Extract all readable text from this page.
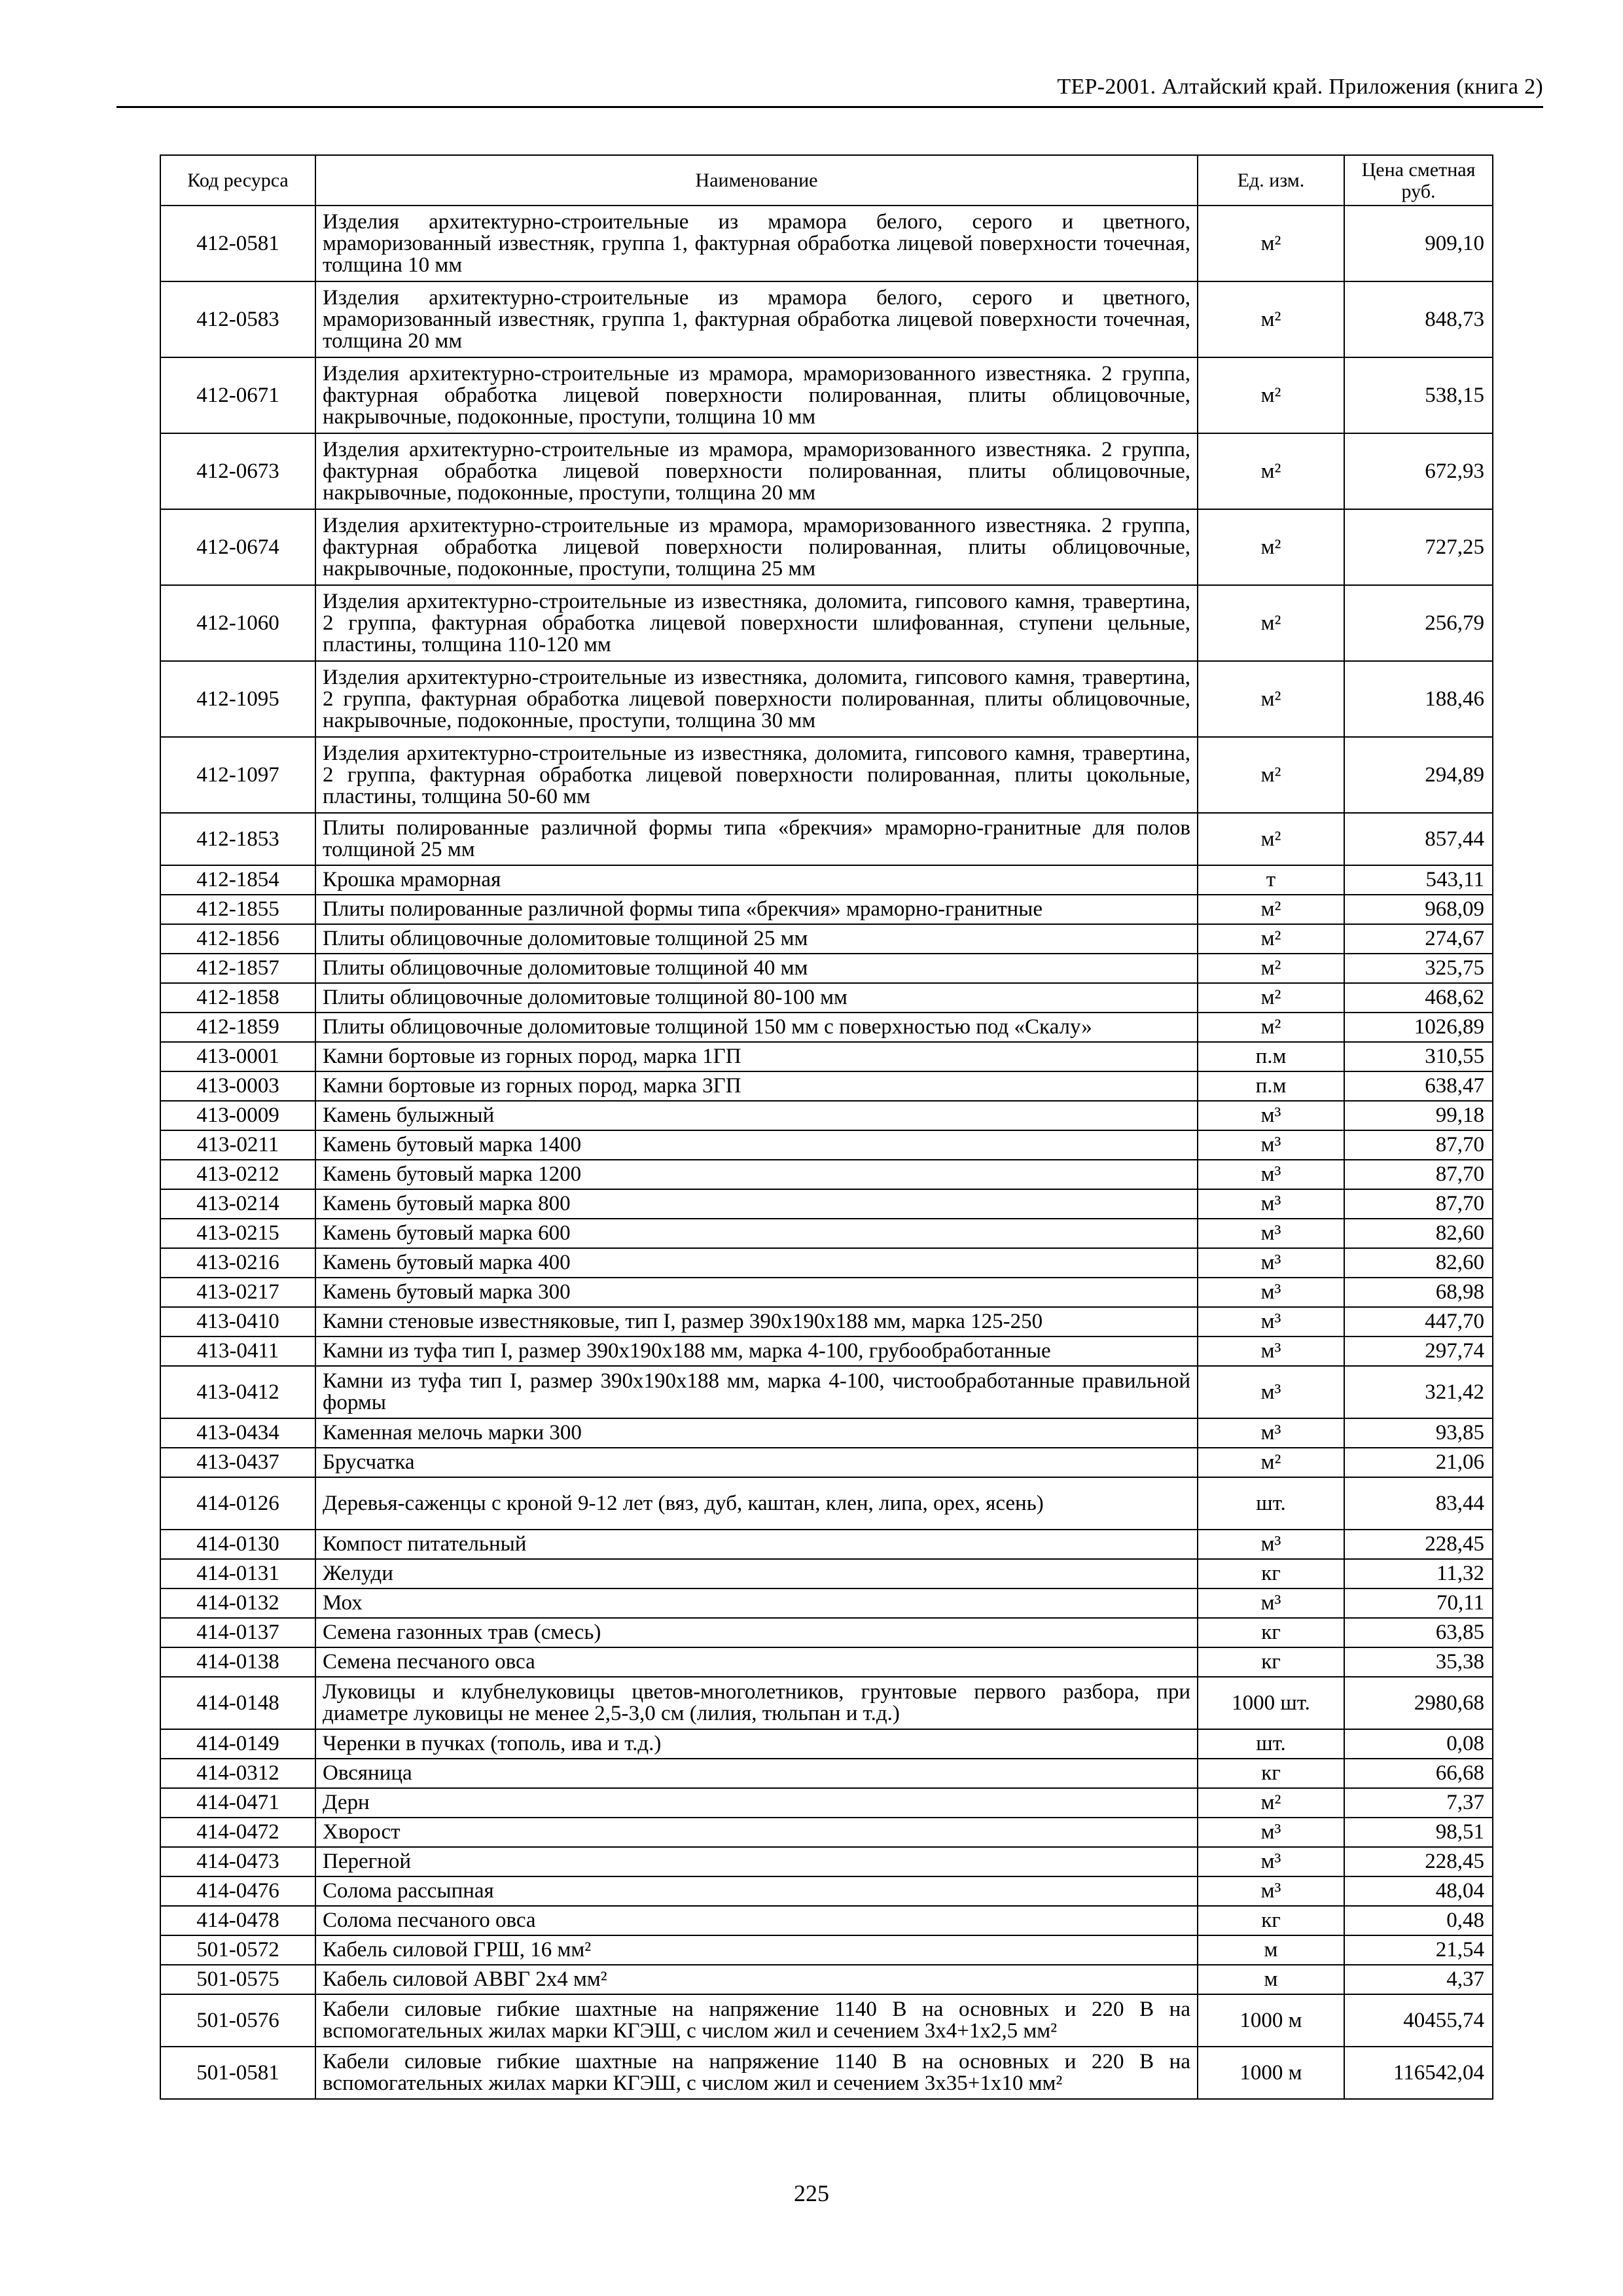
ТЕР-2001. Алтайский край. Приложения (книга 2)
Код ресурса	Наименование	Ед. изм.	Цена сметная руб.
412-0581	Изделия архитектурно-строительные из мрамора белого, серого и цветного, мраморизованный известняк, группа 1, фактурная обработка лицевой поверхности точечная, толщина 10 мм	м²	909,10
412-0583	Изделия архитектурно-строительные из мрамора белого, серого и цветного, мраморизованный известняк, группа 1, фактурная обработка лицевой поверхности точечная, толщина 20 мм	м²	848,73
412-0671	Изделия архитектурно-строительные из мрамора, мраморизованного известняка. 2 группа, фактурная обработка лицевой поверхности полированная, плиты облицовочные, накрывочные, подоконные, проступи, толщина 10 мм	м²	538,15
412-0673	Изделия архитектурно-строительные из мрамора, мраморизованного известняка. 2 группа, фактурная обработка лицевой поверхности полированная, плиты облицовочные, накрывочные, подоконные, проступи, толщина 20 мм	м²	672,93
412-0674	Изделия архитектурно-строительные из мрамора, мраморизованного известняка. 2 группа, фактурная обработка лицевой поверхности полированная, плиты облицовочные, накрывочные, подоконные, проступи, толщина 25 мм	м²	727,25
412-1060	Изделия архитектурно-строительные из известняка, доломита, гипсового камня, травертина, 2 группа, фактурная обработка лицевой поверхности шлифованная, ступени цельные, пластины, толщина 110-120 мм	м²	256,79
412-1095	Изделия архитектурно-строительные из известняка, доломита, гипсового камня, травертина, 2 группа, фактурная обработка лицевой поверхности полированная, плиты облицовочные, накрывочные, подоконные, проступи, толщина 30 мм	м²	188,46
412-1097	Изделия архитектурно-строительные из известняка, доломита, гипсового камня, травертина, 2 группа, фактурная обработка лицевой поверхности полированная, плиты цокольные, пластины, толщина 50-60 мм	м²	294,89
412-1853	Плиты полированные различной формы типа «брекчия» мраморно-гранитные для полов толщиной 25 мм	м²	857,44
412-1854	Крошка мраморная	т	543,11
412-1855	Плиты полированные различной формы типа «брекчия» мраморно-гранитные	м²	968,09
412-1856	Плиты облицовочные доломитовые толщиной 25 мм	м²	274,67
412-1857	Плиты облицовочные доломитовые толщиной 40 мм	м²	325,75
412-1858	Плиты облицовочные доломитовые толщиной 80-100 мм	м²	468,62
412-1859	Плиты облицовочные доломитовые толщиной 150 мм с поверхностью под «Скалу»	м²	1026,89
413-0001	Камни бортовые из горных пород, марка 1ГП	п.м	310,55
413-0003	Камни бортовые из горных пород, марка 3ГП	п.м	638,47
413-0009	Камень булыжный	м³	99,18
413-0211	Камень бутовый марка 1400	м³	87,70
413-0212	Камень бутовый марка 1200	м³	87,70
413-0214	Камень бутовый марка 800	м³	87,70
413-0215	Камень бутовый марка 600	м³	82,60
413-0216	Камень бутовый марка 400	м³	82,60
413-0217	Камень бутовый марка 300	м³	68,98
413-0410	Камни стеновые известняковые, тип I, размер 390х190х188 мм, марка 125-250	м³	447,70
413-0411	Камни из туфа тип I, размер 390х190х188 мм, марка 4-100, грубообработанные	м³	297,74
413-0412	Камни из туфа тип I, размер 390х190х188 мм, марка 4-100, чистообработанные правильной формы	м³	321,42
413-0434	Каменная мелочь марки 300	м³	93,85
413-0437	Брусчатка	м²	21,06
414-0126	Деревья-саженцы с кроной 9-12 лет (вяз, дуб, каштан, клен, липа, орех, ясень)	шт.	83,44
414-0130	Компост питательный	м³	228,45
414-0131	Желуди	кг	11,32
414-0132	Мох	м³	70,11
414-0137	Семена газонных трав (смесь)	кг	63,85
414-0138	Семена песчаного овса	кг	35,38
414-0148	Луковицы и клубнелуковицы цветов-многолетников, грунтовые первого разбора, при диаметре луковицы не менее 2,5-3,0 см (лилия, тюльпан и т.д.)	1000 шт.	2980,68
414-0149	Черенки в пучках (тополь, ива и т.д.)	шт.	0,08
414-0312	Овсяница	кг	66,68
414-0471	Дерн	м²	7,37
414-0472	Хворост	м³	98,51
414-0473	Перегной	м³	228,45
414-0476	Солома рассыпная	м³	48,04
414-0478	Солома песчаного овса	кг	0,48
501-0572	Кабель силовой ГРШ, 16 мм²	м	21,54
501-0575	Кабель силовой АВВГ 2х4 мм²	м	4,37
501-0576	Кабели силовые гибкие шахтные на напряжение 1140 В на основных и 220 В на вспомогательных жилах марки КГЭШ, с числом жил и сечением 3х4+1х2,5 мм²	1000 м	40455,74
501-0581	Кабели силовые гибкие шахтные на напряжение 1140 В на основных и 220 В на вспомогательных жилах марки КГЭШ, с числом жил и сечением 3х35+1х10 мм²	1000 м	116542,04
225
